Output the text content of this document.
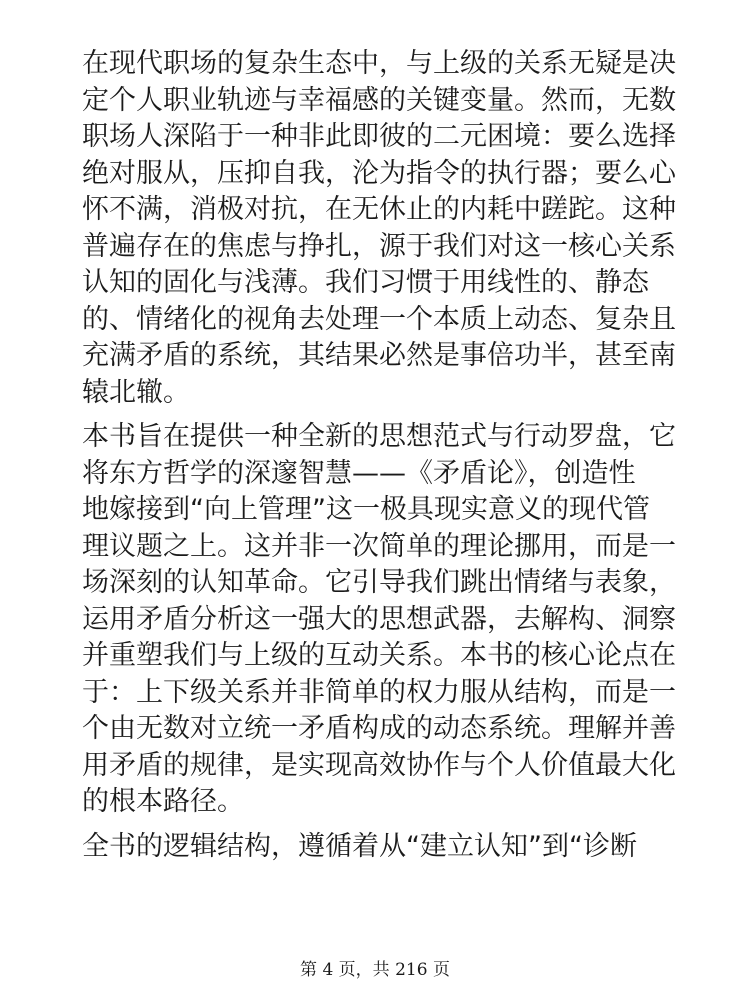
在现代职场的复杂生态中，与上级的关系无疑是决
定个人职业轨迹与幸福感的关键变量。然而，无数
职场人深陷于一种非此即彼的二元困境：要么选择
绝对服从，压抑自我，沦为指令的执行器；要么心
怀不满，消极对抗，在无休止的内耗中蹉跎。这种
普遍存在的焦虑与挣扎，源于我们对这一核心关系
认知的固化与浅薄。我们习惯于用线性的、静态
的、情绪化的视角去处理一个本质上动态、复杂且
充满矛盾的系统，其结果必然是事倍功半，甚至南
辕北辙。
本书旨在提供一种全新的思想范式与行动罗盘，它
将东方哲学的深邃智慧——《矛盾论》，创造性
地嫁接到“向上管理”这一极具现实意义的现代管
理议题之上。这并非一次简单的理论挪用，而是一
场深刻的认知革命。它引导我们跳出情绪与表象，
运用矛盾分析这一强大的思想武器，去解构、洞察
并重塑我们与上级的互动关系。本书的核心论点在
于：上下级关系并非简单的权力服从结构，而是一
个由无数对立统一矛盾构成的动态系统。理解并善
用矛盾的规律，是实现高效协作与个人价值最大化
的根本路径。
全书的逻辑结构，遵循着从“建立认知”到“诊断
第 4 页，共 216 页
